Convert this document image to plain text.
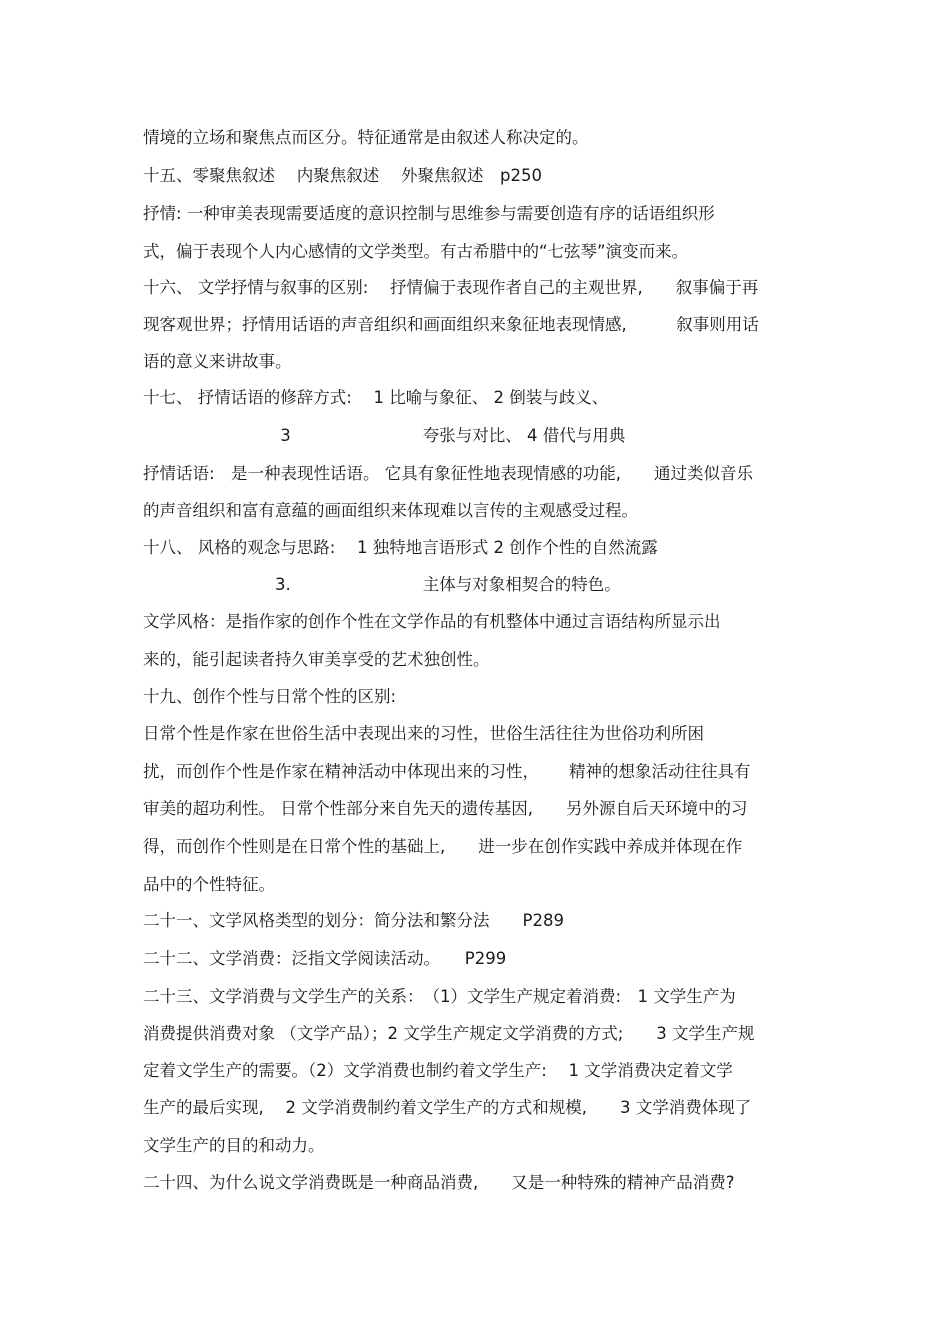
情境的立场和聚焦点而区分。特征通常是由叙述人称决定的。
十五、零聚焦叙述　 内聚焦叙述　 外聚焦叙述　p250
抒情: 一种审美表现需要适度的意识控制与思维参与需要创造有序的话语组织形
式，偏于表现个人内心感情的文学类型。有古希腊中的“七弦琴”演变而来。
十六、 文学抒情与叙事的区别:　 抒情偏于表现作者自己的主观世界,　　叙事偏于再
现客观世界；抒情用话语的声音组织和画面组织来象征地表现情感,　　　叙事则用话
语的意义来讲故事。
十七、 抒情话语的修辞方式:　 1 比喻与象征、 2 倒装与歧义、
　　　　　　　　 3　　　　　　　　夸张与对比、 4 借代与用典
抒情话语:　是一种表现性话语。 它具有象征性地表现情感的功能,　　通过类似音乐
的声音组织和富有意蕴的画面组织来体现难以言传的主观感受过程。
十八、 风格的观念与思路:　 1 独特地言语形式 2 创作个性的自然流露
　　　　　　　　3.　　　　　　　　主体与对象相契合的特色。
文学风格：是指作家的创作个性在文学作品的有机整体中通过言语结构所显示出
来的，能引起读者持久审美享受的艺术独创性。
十九、创作个性与日常个性的区别:
日常个性是作家在世俗生活中表现出来的习性，世俗生活往往为世俗功利所困
扰，而创作个性是作家在精神活动中体现出来的习性，　　 精神的想象活动往往具有
审美的超功利性。 日常个性部分来自先天的遗传基因,　　另外源自后天环境中的习
得，而创作个性则是在日常个性的基础上,　　进一步在创作实践中养成并体现在作
品中的个性特征。
二十一、文学风格类型的划分：简分法和繁分法　　P289
二十二、文学消费：泛指文学阅读活动。　　P299
二十三、文学消费与文学生产的关系：　（1）文学生产规定着消费:　1 文学生产为
消费提供消费对象 （文学产品）；2 文学生产规定文学消费的方式;　　3 文学生产规
定着文学生产的需要。（2）文学消费也制约着文学生产:　 1 文学消费决定着文学
生产的最后实现,　 2 文学消费制约着文学生产的方式和规模,　　3 文学消费体现了
文学生产的目的和动力。
二十四、为什么说文学消费既是一种商品消费,　　又是一种特殊的精神产品消费?
